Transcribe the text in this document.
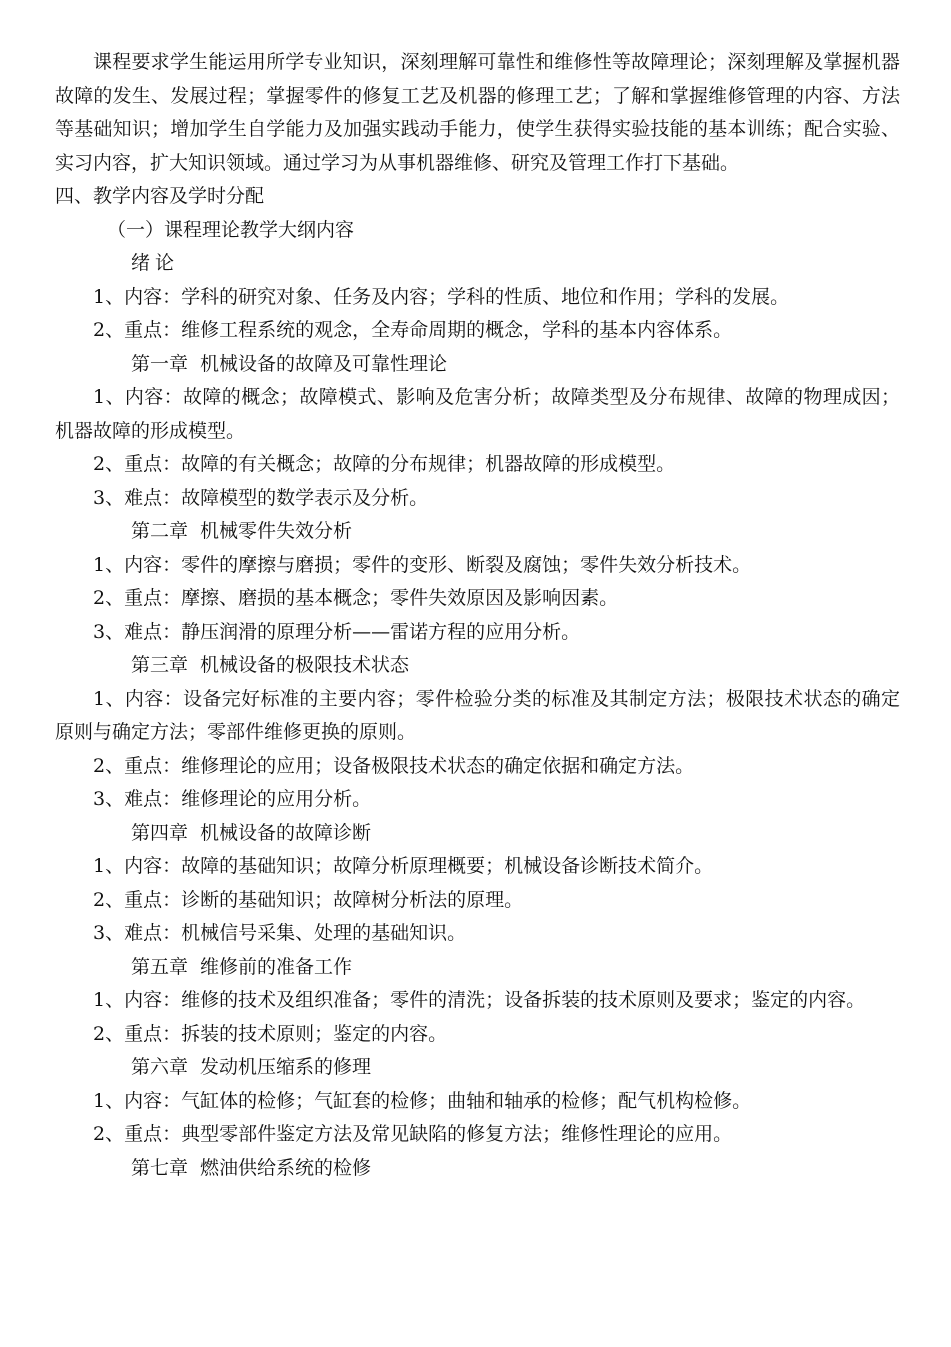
课程要求学生能运用所学专业知识，深刻理解可靠性和维修性等故障理论；深刻理解及掌握机器故障的发生、发展过程；掌握零件的修复工艺及机器的修理工艺；了解和掌握维修管理的内容、方法等基础知识；增加学生自学能力及加强实践动手能力，使学生获得实验技能的基本训练；配合实验、实习内容，扩大知识领域。通过学习为从事机器维修、研究及管理工作打下基础。

四、教学内容及学时分配

（一）课程理论教学大纲内容

绪 论

1、内容：学科的研究对象、任务及内容；学科的性质、地位和作用；学科的发展。

2、重点：维修工程系统的观念，全寿命周期的概念，学科的基本内容体系。

第一章 机械设备的故障及可靠性理论

1、内容：故障的概念；故障模式、影响及危害分析；故障类型及分布规律、故障的物理成因；机器故障的形成模型。

2、重点：故障的有关概念；故障的分布规律；机器故障的形成模型。

3、难点：故障模型的数学表示及分析。

第二章 机械零件失效分析

1、内容：零件的摩擦与磨损；零件的变形、断裂及腐蚀；零件失效分析技术。

2、重点：摩擦、磨损的基本概念；零件失效原因及影响因素。

3、难点：静压润滑的原理分析——雷诺方程的应用分析。

第三章 机械设备的极限技术状态

1、内容：设备完好标准的主要内容；零件检验分类的标准及其制定方法；极限技术状态的确定原则与确定方法；零部件维修更换的原则。

2、重点：维修理论的应用；设备极限技术状态的确定依据和确定方法。

3、难点：维修理论的应用分析。

第四章 机械设备的故障诊断

1、内容：故障的基础知识；故障分析原理概要；机械设备诊断技术简介。

2、重点：诊断的基础知识；故障树分析法的原理。

3、难点：机械信号采集、处理的基础知识。

第五章 维修前的准备工作

1、内容：维修的技术及组织准备；零件的清洗；设备拆装的技术原则及要求；鉴定的内容。

2、重点：拆装的技术原则；鉴定的内容。

第六章 发动机压缩系的修理

1、内容：气缸体的检修；气缸套的检修；曲轴和轴承的检修；配气机构检修。

2、重点：典型零部件鉴定方法及常见缺陷的修复方法；维修性理论的应用。

第七章 燃油供给系统的检修
